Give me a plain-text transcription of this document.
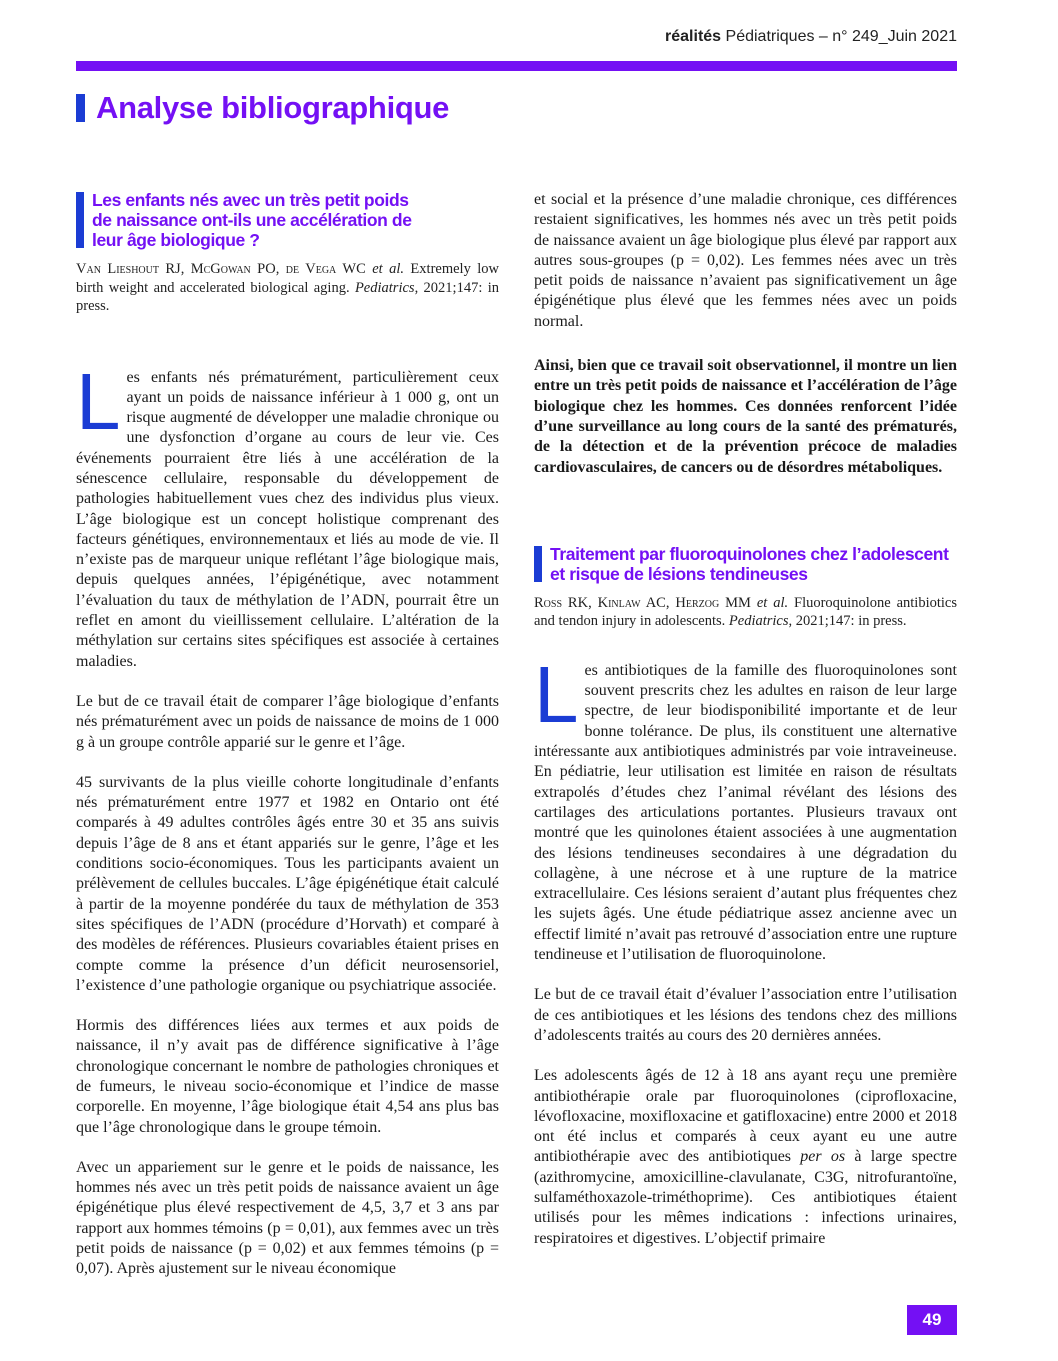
réalités Pédiatriques – n° 249_Juin 2021
Analyse bibliographique
Les enfants nés avec un très petit poids de naissance ont-ils une accélération de leur âge biologique ?
Van Lieshout RJ, McGowan PO, de Vega WC et al. Extremely low birth weight and accelerated biological aging. Pediatrics, 2021;147: in press.

Les enfants nés prématurément, particulièrement ceux ayant un poids de naissance inférieur à 1 000 g, ont un risque augmenté de développer une maladie chronique ou une dysfonction d’organe au cours de leur vie. Ces événements pourraient être liés à une accélération de la sénescence cellulaire, responsable du développement de pathologies habituellement vues chez des individus plus vieux. L’âge biologique est un concept holistique comprenant des facteurs génétiques, environnementaux et liés au mode de vie. Il n’existe pas de marqueur unique reflétant l’âge biologique mais, depuis quelques années, l’épigénétique, avec notamment l’évaluation du taux de méthylation de l’ADN, pourrait être un reflet en amont du vieillissement cellulaire. L’altération de la méthylation sur certains sites spécifiques est associée à certaines maladies.

Le but de ce travail était de comparer l’âge biologique d’enfants nés prématurément avec un poids de naissance de moins de 1 000 g à un groupe contrôle apparié sur le genre et l’âge.

45 survivants de la plus vieille cohorte longitudinale d’enfants nés prématurément entre 1977 et 1982 en Ontario ont été comparés à 49 adultes contrôles âgés entre 30 et 35 ans suivis depuis l’âge de 8 ans et étant appariés sur le genre, l’âge et les conditions socio-économiques. Tous les participants avaient un prélèvement de cellules buccales. L’âge épigénétique était calculé à partir de la moyenne pondérée du taux de méthylation de 353 sites spécifiques de l’ADN (procédure d’Horvath) et comparé à des modèles de références. Plusieurs covariables étaient prises en compte comme la présence d’un déficit neurosensoriel, l’existence d’une pathologie organique ou psychiatrique associée.

Hormis des différences liées aux termes et aux poids de naissance, il n’y avait pas de différence significative à l’âge chronologique concernant le nombre de pathologies chroniques et de fumeurs, le niveau socio-économique et l’indice de masse corporelle. En moyenne, l’âge biologique était 4,54 ans plus bas que l’âge chronologique dans le groupe témoin.

Avec un appariement sur le genre et le poids de naissance, les hommes nés avec un très petit poids de naissance avaient un âge épigénétique plus élevé respectivement de 4,5, 3,7 et 3 ans par rapport aux hommes témoins (p = 0,01), aux femmes avec un très petit poids de naissance (p = 0,02) et aux femmes témoins (p = 0,07). Après ajustement sur le niveau économique

et social et la présence d’une maladie chronique, ces différences restaient significatives, les hommes nés avec un très petit poids de naissance avaient un âge biologique plus élevé par rapport aux autres sous-groupes (p = 0,02). Les femmes nées avec un très petit poids de naissance n’avaient pas significativement un âge épigénétique plus élevé que les femmes nées avec un poids normal.

Ainsi, bien que ce travail soit observationnel, il montre un lien entre un très petit poids de naissance et l’accélération de l’âge biologique chez les hommes. Ces données renforcent l’idée d’une surveillance au long cours de la santé des prématurés, de la détection et de la prévention précoce de maladies cardiovasculaires, de cancers ou de désordres métaboliques.

Traitement par fluoroquinolones chez l’adolescent et risque de lésions tendineuses
Ross RK, Kinlaw AC, Herzog MM et al. Fluoroquinolone antibiotics and tendon injury in adolescents. Pediatrics, 2021;147: in press.

Les antibiotiques de la famille des fluoroquinolones sont souvent prescrits chez les adultes en raison de leur large spectre, de leur biodisponibilité importante et de leur bonne tolérance. De plus, ils constituent une alternative intéressante aux antibiotiques administrés par voie intraveineuse. En pédiatrie, leur utilisation est limitée en raison de résultats extrapolés d’études chez l’animal révélant des lésions des cartilages des articulations portantes. Plusieurs travaux ont montré que les quinolones étaient associées à une augmentation des lésions tendineuses secondaires à une dégradation du collagène, à une nécrose et à une rupture de la matrice extracellulaire. Ces lésions seraient d’autant plus fréquentes chez les sujets âgés. Une étude pédiatrique assez ancienne avec un effectif limité n’avait pas retrouvé d’association entre une rupture tendineuse et l’utilisation de fluoroquinolone.

Le but de ce travail était d’évaluer l’association entre l’utilisation de ces antibiotiques et les lésions des tendons chez des millions d’adolescents traités au cours des 20 dernières années.

Les adolescents âgés de 12 à 18 ans ayant reçu une première antibiothérapie orale par fluoroquinolones (ciprofloxacine, lévofloxacine, moxifloxacine et gatifloxacine) entre 2000 et 2018 ont été inclus et comparés à ceux ayant eu une autre antibiothérapie avec des antibiotiques per os à large spectre (azithromycine, amoxicilline-clavulanate, C3G, nitrofurantoïne, sulfaméthoxazole-triméthoprime). Ces antibiotiques étaient utilisés pour les mêmes indications : infections urinaires, respiratoires et digestives. L’objectif primaire

49
